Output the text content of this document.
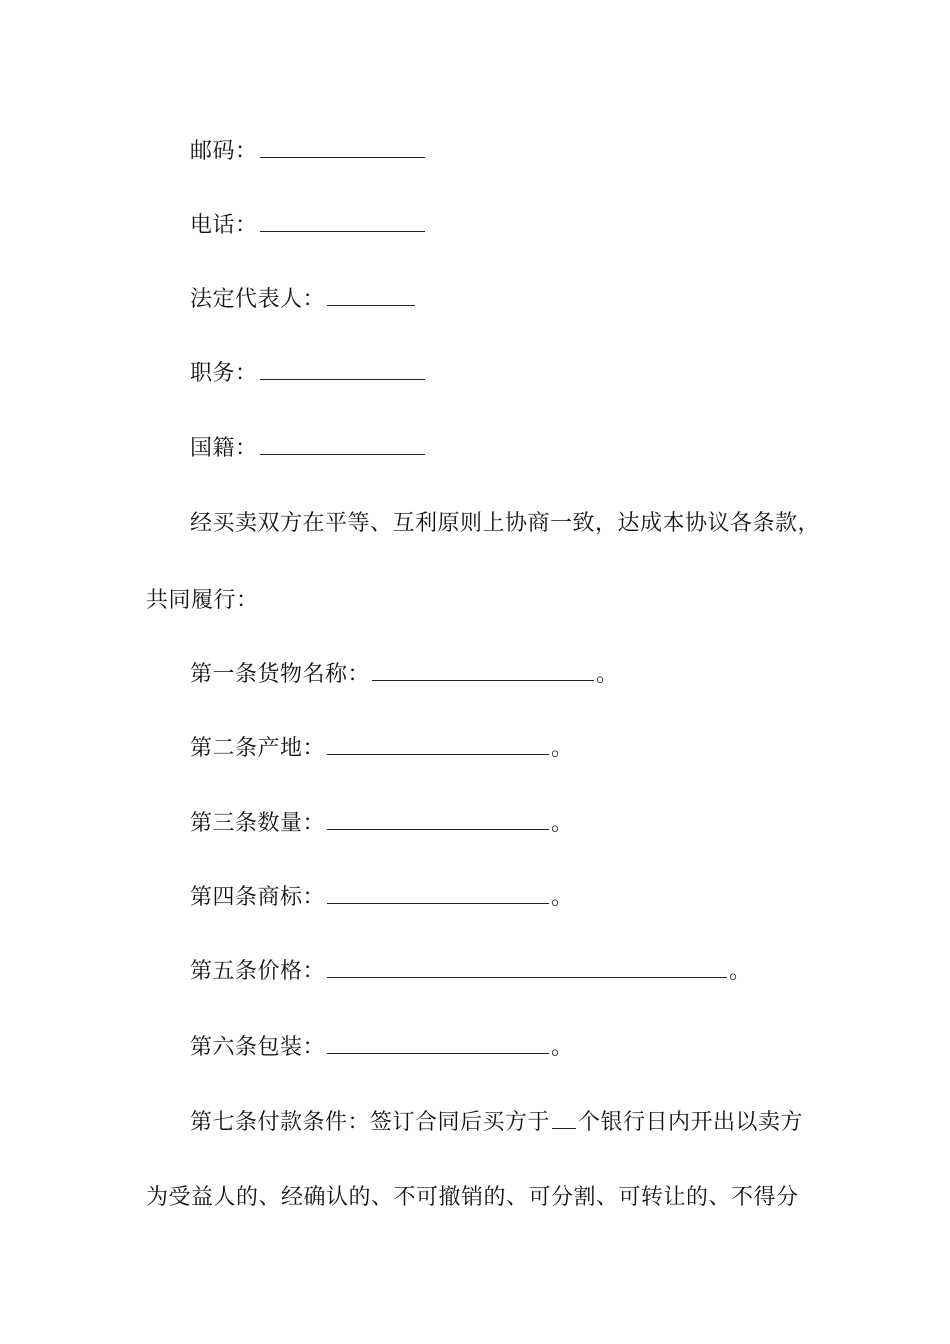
邮码：
电话：
法定代表人：
职务：
国籍：
经买卖双方在平等、互利原则上协商一致，达成本协议各条款，
共同履行：
第一条货物名称：	。
第二条产地：	。
第三条数量：	。
第四条商标：	。
第五条价格：	。
第六条包装：	。
第七条付款条件：签订合同后买方于 个银行日内开出以卖方
为受益人的、经确认的、不可撤销的、可分割、可转让的、不得分
